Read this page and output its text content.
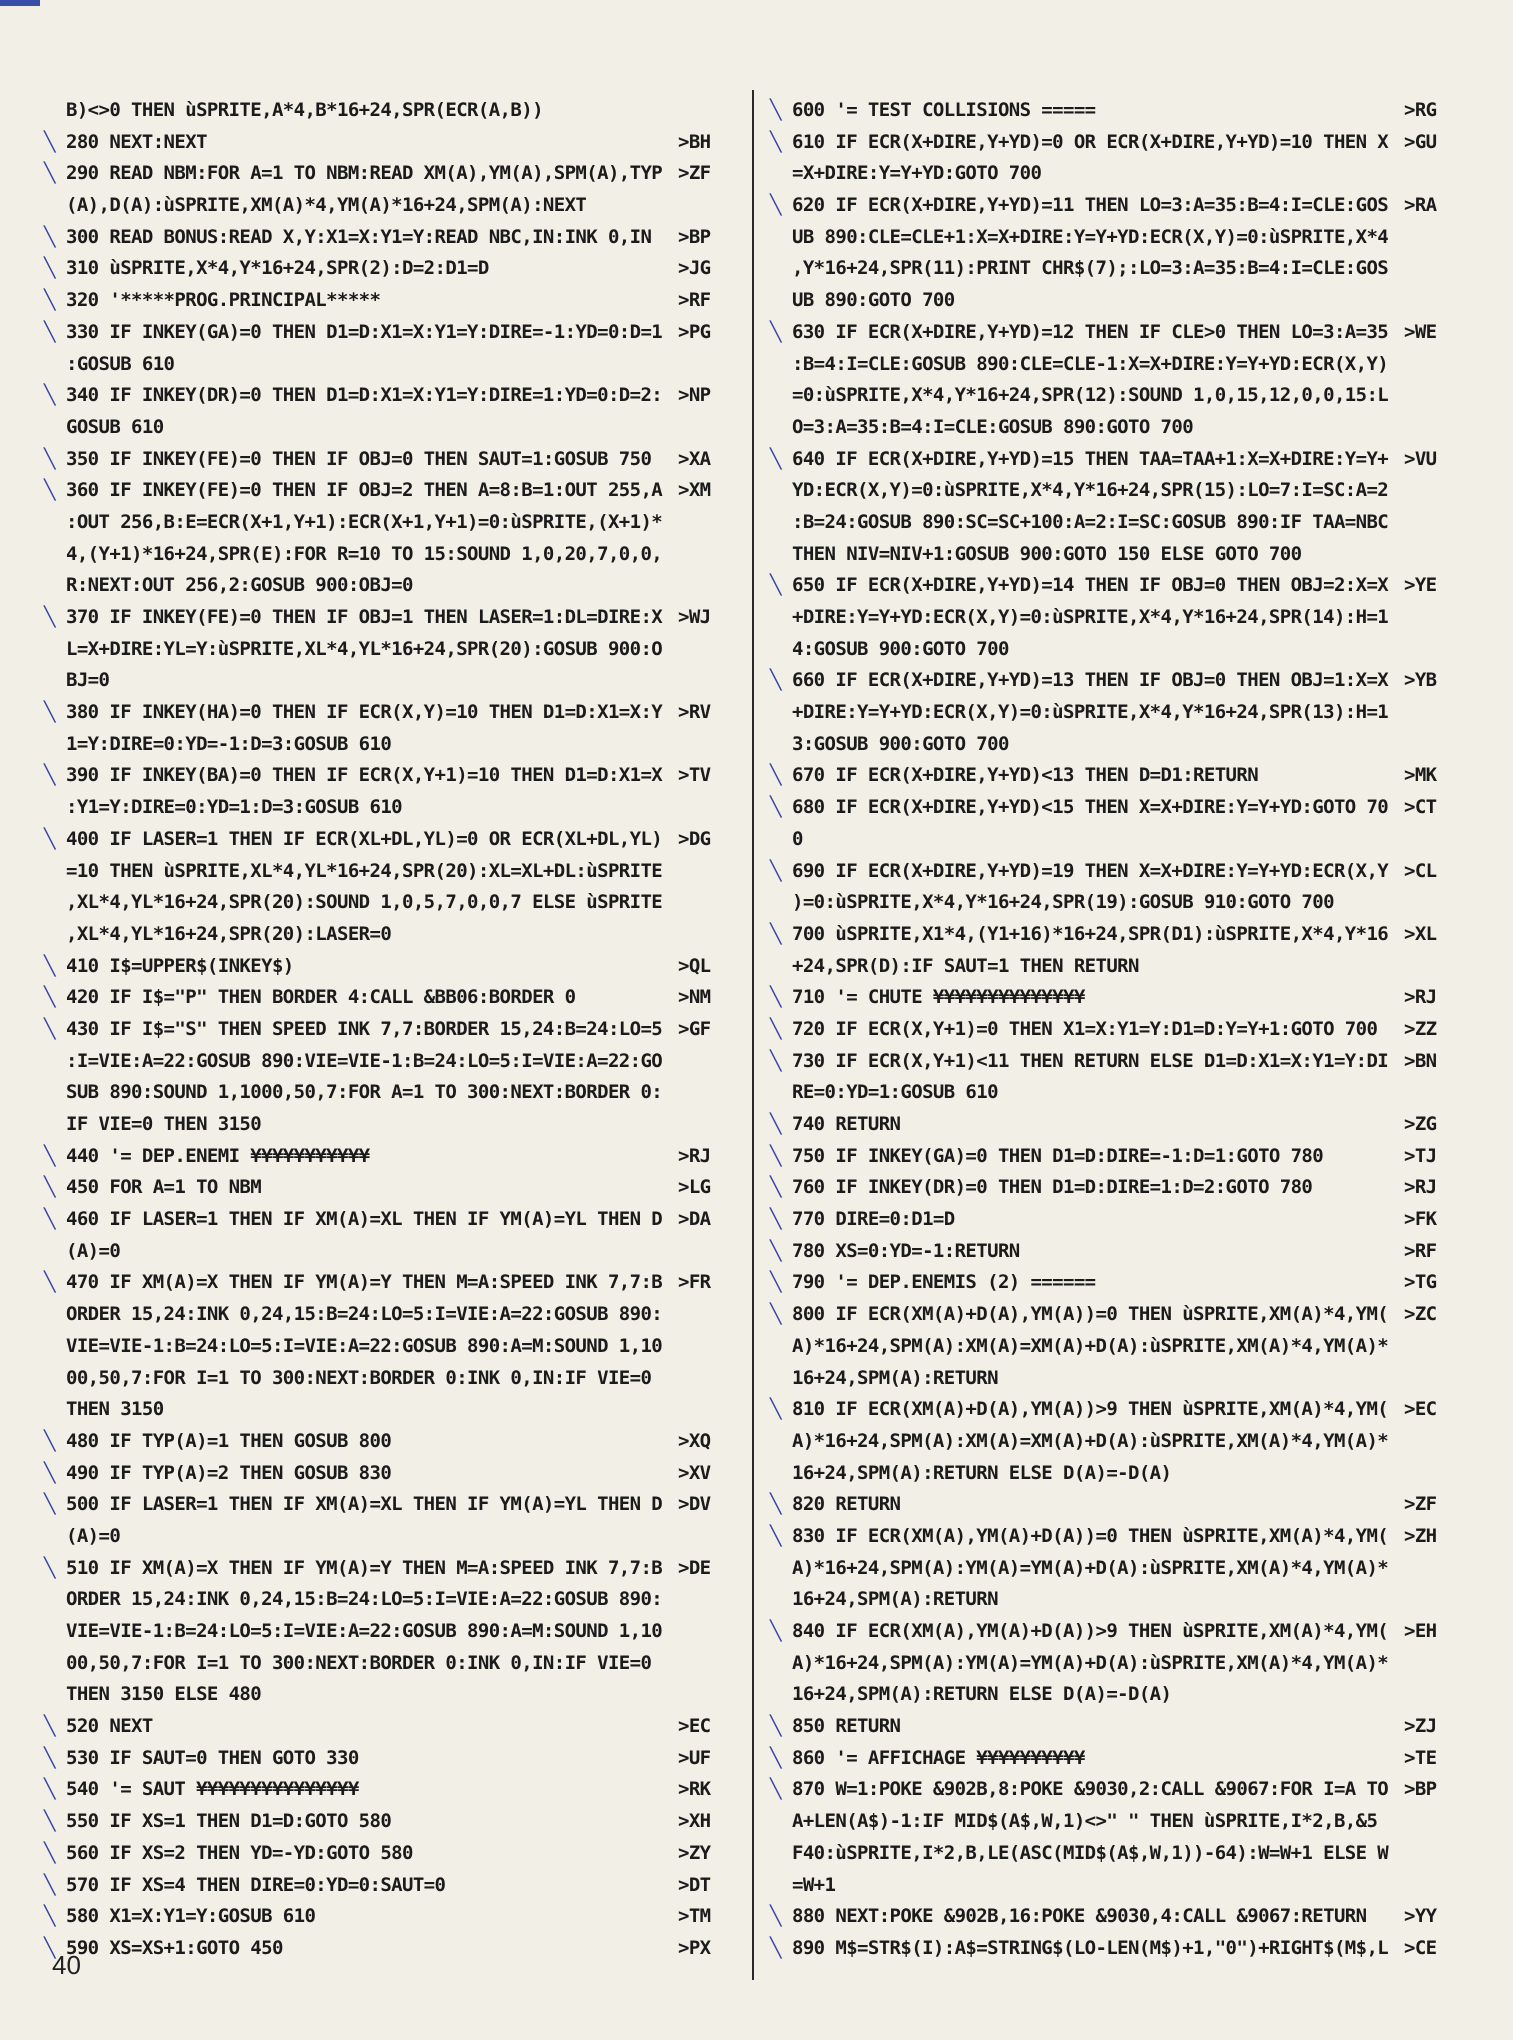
B)<>0 THEN ùSPRITE,A*4,B*16+24,SPR(ECR(A,B))
╲ 280 NEXT:NEXT	>BH
╲ 290 READ NBM:FOR A=1 TO NBM:READ XM(A),YM(A),SPM(A),TYP >ZF
(A),D(A):ùSPRITE,XM(A)*4,YM(A)*16+24,SPM(A):NEXT
╲ 300 READ BONUS:READ X,Y:X1=X:Y1=Y:READ NBC,IN:INK 0,IN	>BP
╲ 310 ùSPRITE,X*4,Y*16+24,SPR(2):D=2:D1=D	>JG
╲ 320 '*****PROG.PRINCIPAL*****	>RF
╲ 330 IF INKEY(GA)=0 THEN D1=D:X1=X:Y1=Y:DIRE=-1:YD=0:D=1 >PG
:GOSUB 610
╲ 340 IF INKEY(DR)=0 THEN D1=D:X1=X:Y1=Y:DIRE=1:YD=0:D=2: >NP
GOSUB 610
╲ 350 IF INKEY(FE)=0 THEN IF OBJ=0 THEN SAUT=1:GOSUB 750	>XA
╲ 360 IF INKEY(FE)=0 THEN IF OBJ=2 THEN A=8:B=1:OUT 255,A >XM
:OUT 256,B:E=ECR(X+1,Y+1):ECR(X+1,Y+1)=0:ùSPRITE,(X+1)*
4,(Y+1)*16+24,SPR(E):FOR R=10 TO 15:SOUND 1,0,20,7,0,0,
R:NEXT:OUT 256,2:GOSUB 900:OBJ=0
╲ 370 IF INKEY(FE)=0 THEN IF OBJ=1 THEN LASER=1:DL=DIRE:X >WJ
L=X+DIRE:YL=Y:ùSPRITE,XL*4,YL*16+24,SPR(20):GOSUB 900:O
BJ=0
╲ 380 IF INKEY(HA)=0 THEN IF ECR(X,Y)=10 THEN D1=D:X1=X:Y >RV
1=Y:DIRE=0:YD=-1:D=3:GOSUB 610
╲ 390 IF INKEY(BA)=0 THEN IF ECR(X,Y+1)=10 THEN D1=D:X1=X >TV
:Y1=Y:DIRE=0:YD=1:D=3:GOSUB 610
╲ 400 IF LASER=1 THEN IF ECR(XL+DL,YL)=0 OR ECR(XL+DL,YL) >DG
=10 THEN ùSPRITE,XL*4,YL*16+24,SPR(20):XL=XL+DL:ùSPRITE
,XL*4,YL*16+24,SPR(20):SOUND 1,0,5,7,0,0,7 ELSE ùSPRITE
,XL*4,YL*16+24,SPR(20):LASER=0
╲ 410 I$=UPPER$(INKEY$)	>QL
╲ 420 IF I$="P" THEN BORDER 4:CALL &BB06:BORDER 0	>NM
╲ 430 IF I$="S" THEN SPEED INK 7,7:BORDER 15,24:B=24:LO=5 >GF
:I=VIE:A=22:GOSUB 890:VIE=VIE-1:B=24:LO=5:I=VIE:A=22:GO
SUB 890:SOUND 1,1000,50,7:FOR A=1 TO 300:NEXT:BORDER 0:
IF VIE=0 THEN 3150
╲ 440 '= DEP.ENEMI ¥¥¥¥¥¥¥¥¥¥¥	>RJ
╲ 450 FOR A=1 TO NBM	>LG
╲ 460 IF LASER=1 THEN IF XM(A)=XL THEN IF YM(A)=YL THEN D >DA
(A)=0
╲ 470 IF XM(A)=X THEN IF YM(A)=Y THEN M=A:SPEED INK 7,7:B >FR
ORDER 15,24:INK 0,24,15:B=24:LO=5:I=VIE:A=22:GOSUB 890:
VIE=VIE-1:B=24:LO=5:I=VIE:A=22:GOSUB 890:A=M:SOUND 1,10
00,50,7:FOR I=1 TO 300:NEXT:BORDER 0:INK 0,IN:IF VIE=0
THEN 3150
╲ 480 IF TYP(A)=1 THEN GOSUB 800	>XQ
╲ 490 IF TYP(A)=2 THEN GOSUB 830	>XV
╲ 500 IF LASER=1 THEN IF XM(A)=XL THEN IF YM(A)=YL THEN D >DV
(A)=0
╲ 510 IF XM(A)=X THEN IF YM(A)=Y THEN M=A:SPEED INK 7,7:B >DE
ORDER 15,24:INK 0,24,15:B=24:LO=5:I=VIE:A=22:GOSUB 890:
VIE=VIE-1:B=24:LO=5:I=VIE:A=22:GOSUB 890:A=M:SOUND 1,10
00,50,7:FOR I=1 TO 300:NEXT:BORDER 0:INK 0,IN:IF VIE=0
THEN 3150 ELSE 480
╲ 520 NEXT	>EC
╲ 530 IF SAUT=0 THEN GOTO 330	>UF
╲ 540 '= SAUT ¥¥¥¥¥¥¥¥¥¥¥¥¥¥¥	>RK
╲ 550 IF XS=1 THEN D1=D:GOTO 580	>XH
╲ 560 IF XS=2 THEN YD=-YD:GOTO 580	>ZY
╲ 570 IF XS=4 THEN DIRE=0:YD=0:SAUT=0	>DT
╲ 580 X1=X:Y1=Y:GOSUB 610	>TM
╲ 590 XS=XS+1:GOTO 450	>PX
╲ 600 '= TEST COLLISIONS =====	>RG
╲ 610 IF ECR(X+DIRE,Y+YD)=0 OR ECR(X+DIRE,Y+YD)=10 THEN X >GU
=X+DIRE:Y=Y+YD:GOTO 700
╲ 620 IF ECR(X+DIRE,Y+YD)=11 THEN LO=3:A=35:B=4:I=CLE:GOS >RA
UB 890:CLE=CLE+1:X=X+DIRE:Y=Y+YD:ECR(X,Y)=0:ùSPRITE,X*4
,Y*16+24,SPR(11):PRINT CHR$(7);:LO=3:A=35:B=4:I=CLE:GOS
UB 890:GOTO 700
╲ 630 IF ECR(X+DIRE,Y+YD)=12 THEN IF CLE>0 THEN LO=3:A=35 >WE
:B=4:I=CLE:GOSUB 890:CLE=CLE-1:X=X+DIRE:Y=Y+YD:ECR(X,Y)
=0:ùSPRITE,X*4,Y*16+24,SPR(12):SOUND 1,0,15,12,0,0,15:L
O=3:A=35:B=4:I=CLE:GOSUB 890:GOTO 700
╲ 640 IF ECR(X+DIRE,Y+YD)=15 THEN TAA=TAA+1:X=X+DIRE:Y=Y+ >VU
YD:ECR(X,Y)=0:ùSPRITE,X*4,Y*16+24,SPR(15):LO=7:I=SC:A=2
:B=24:GOSUB 890:SC=SC+100:A=2:I=SC:GOSUB 890:IF TAA=NBC
THEN NIV=NIV+1:GOSUB 900:GOTO 150 ELSE GOTO 700
╲ 650 IF ECR(X+DIRE,Y+YD)=14 THEN IF OBJ=0 THEN OBJ=2:X=X >YE
+DIRE:Y=Y+YD:ECR(X,Y)=0:ùSPRITE,X*4,Y*16+24,SPR(14):H=1
4:GOSUB 900:GOTO 700
╲ 660 IF ECR(X+DIRE,Y+YD)=13 THEN IF OBJ=0 THEN OBJ=1:X=X >YB
+DIRE:Y=Y+YD:ECR(X,Y)=0:ùSPRITE,X*4,Y*16+24,SPR(13):H=1
3:GOSUB 900:GOTO 700
╲ 670 IF ECR(X+DIRE,Y+YD)<13 THEN D=D1:RETURN	>MK
╲ 680 IF ECR(X+DIRE,Y+YD)<15 THEN X=X+DIRE:Y=Y+YD:GOTO 70 >CT
0
╲ 690 IF ECR(X+DIRE,Y+YD)=19 THEN X=X+DIRE:Y=Y+YD:ECR(X,Y >CL
)=0:ùSPRITE,X*4,Y*16+24,SPR(19):GOSUB 910:GOTO 700
╲ 700 ùSPRITE,X1*4,(Y1+16)*16+24,SPR(D1):ùSPRITE,X*4,Y*16 >XL
+24,SPR(D):IF SAUT=1 THEN RETURN
╲ 710 '= CHUTE ¥¥¥¥¥¥¥¥¥¥¥¥¥¥	>RJ
╲ 720 IF ECR(X,Y+1)=0 THEN X1=X:Y1=Y:D1=D:Y=Y+1:GOTO 700	>ZZ
╲ 730 IF ECR(X,Y+1)<11 THEN RETURN ELSE D1=D:X1=X:Y1=Y:DI >BN
RE=0:YD=1:GOSUB 610
╲ 740 RETURN	>ZG
╲ 750 IF INKEY(GA)=0 THEN D1=D:DIRE=-1:D=1:GOTO 780	>TJ
╲ 760 IF INKEY(DR)=0 THEN D1=D:DIRE=1:D=2:GOTO 780	>RJ
╲ 770 DIRE=0:D1=D	>FK
╲ 780 XS=0:YD=-1:RETURN	>RF
╲ 790 '= DEP.ENEMIS (2) ======	>TG
╲ 800 IF ECR(XM(A)+D(A),YM(A))=0 THEN ùSPRITE,XM(A)*4,YM( >ZC
A)*16+24,SPM(A):XM(A)=XM(A)+D(A):ùSPRITE,XM(A)*4,YM(A)*
16+24,SPM(A):RETURN
╲ 810 IF ECR(XM(A)+D(A),YM(A))>9 THEN ùSPRITE,XM(A)*4,YM( >EC
A)*16+24,SPM(A):XM(A)=XM(A)+D(A):ùSPRITE,XM(A)*4,YM(A)*
16+24,SPM(A):RETURN ELSE D(A)=-D(A)
╲ 820 RETURN	>ZF
╲ 830 IF ECR(XM(A),YM(A)+D(A))=0 THEN ùSPRITE,XM(A)*4,YM( >ZH
A)*16+24,SPM(A):YM(A)=YM(A)+D(A):ùSPRITE,XM(A)*4,YM(A)*
16+24,SPM(A):RETURN
╲ 840 IF ECR(XM(A),YM(A)+D(A))>9 THEN ùSPRITE,XM(A)*4,YM( >EH
A)*16+24,SPM(A):YM(A)=YM(A)+D(A):ùSPRITE,XM(A)*4,YM(A)*
16+24,SPM(A):RETURN ELSE D(A)=-D(A)
╲ 850 RETURN	>ZJ
╲ 860 '= AFFICHAGE ¥¥¥¥¥¥¥¥¥¥	>TE
╲ 870 W=1:POKE &902B,8:POKE &9030,2:CALL &9067:FOR I=A TO >BP
A+LEN(A$)-1:IF MID$(A$,W,1)<>" " THEN ùSPRITE,I*2,B,&5
F40:ùSPRITE,I*2,B,LE(ASC(MID$(A$,W,1))-64):W=W+1 ELSE W
=W+1
╲ 880 NEXT:POKE &902B,16:POKE &9030,4:CALL &9067:RETURN	>YY
╲ 890 M$=STR$(I):A$=STRING$(LO-LEN(M$)+1,"0")+RIGHT$(M$,L >CE
40
